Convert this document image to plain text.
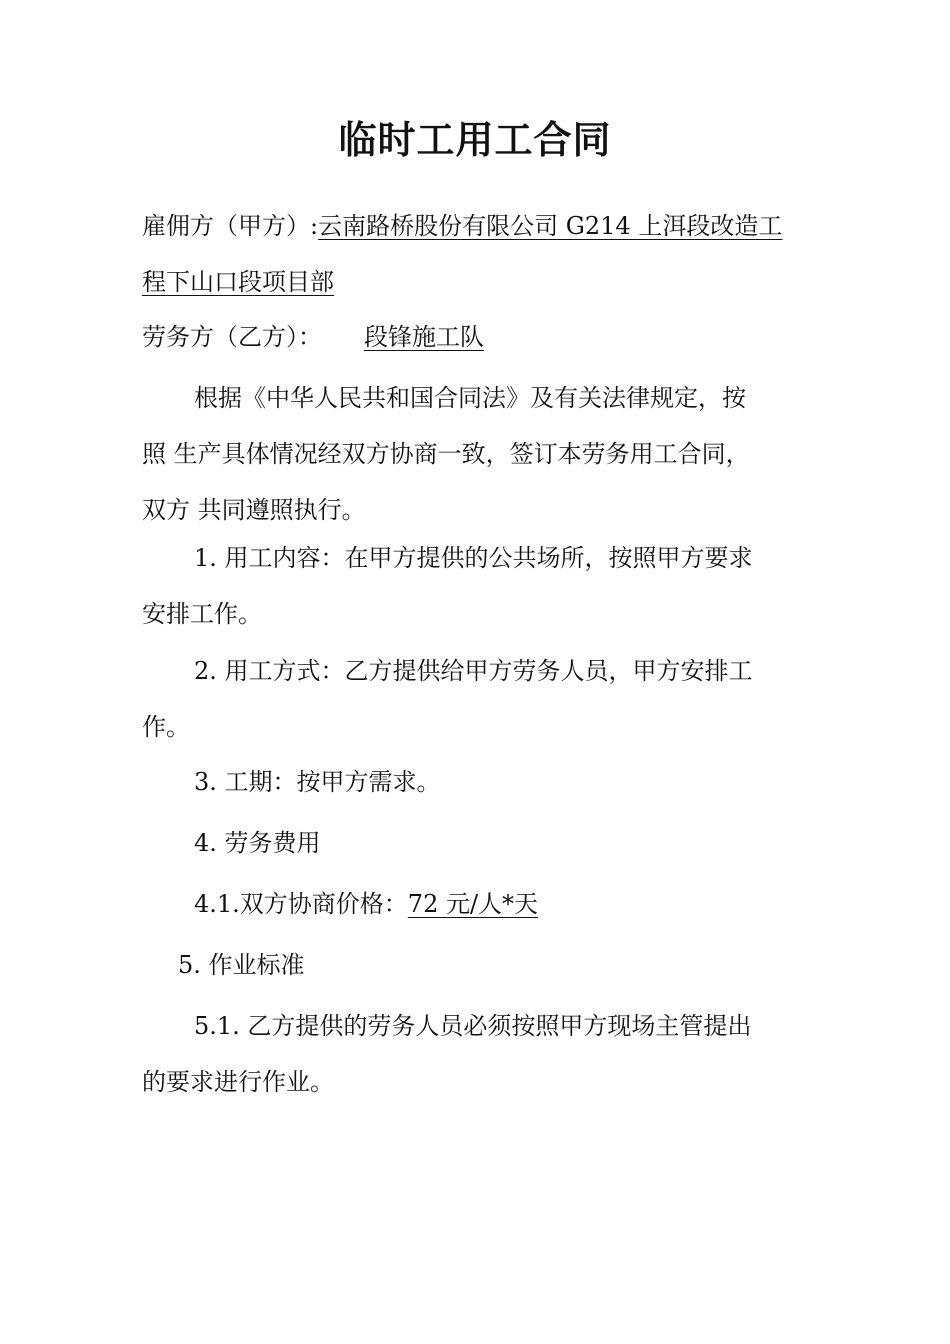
临时工用工合同
雇佣方（甲方）:云南路桥股份有限公司 G214 上洱段改造工
程下山口段项目部
劳务方（乙方）： 段锋施工队
根据《中华人民共和国合同法》及有关法律规定，按
照 生产具体情况经双方协商一致，签订本劳务用工合同，
双方 共同遵照执行。
1. 用工内容：在甲方提供的公共场所，按照甲方要求
安排工作。
2. 用工方式：乙方提供给甲方劳务人员，甲方安排工
作。
3. 工期：按甲方需求。
4. 劳务费用
4.1.双方协商价格：72 元/人*天
5. 作业标准
5.1. 乙方提供的劳务人员必须按照甲方现场主管提出
的要求进行作业。
